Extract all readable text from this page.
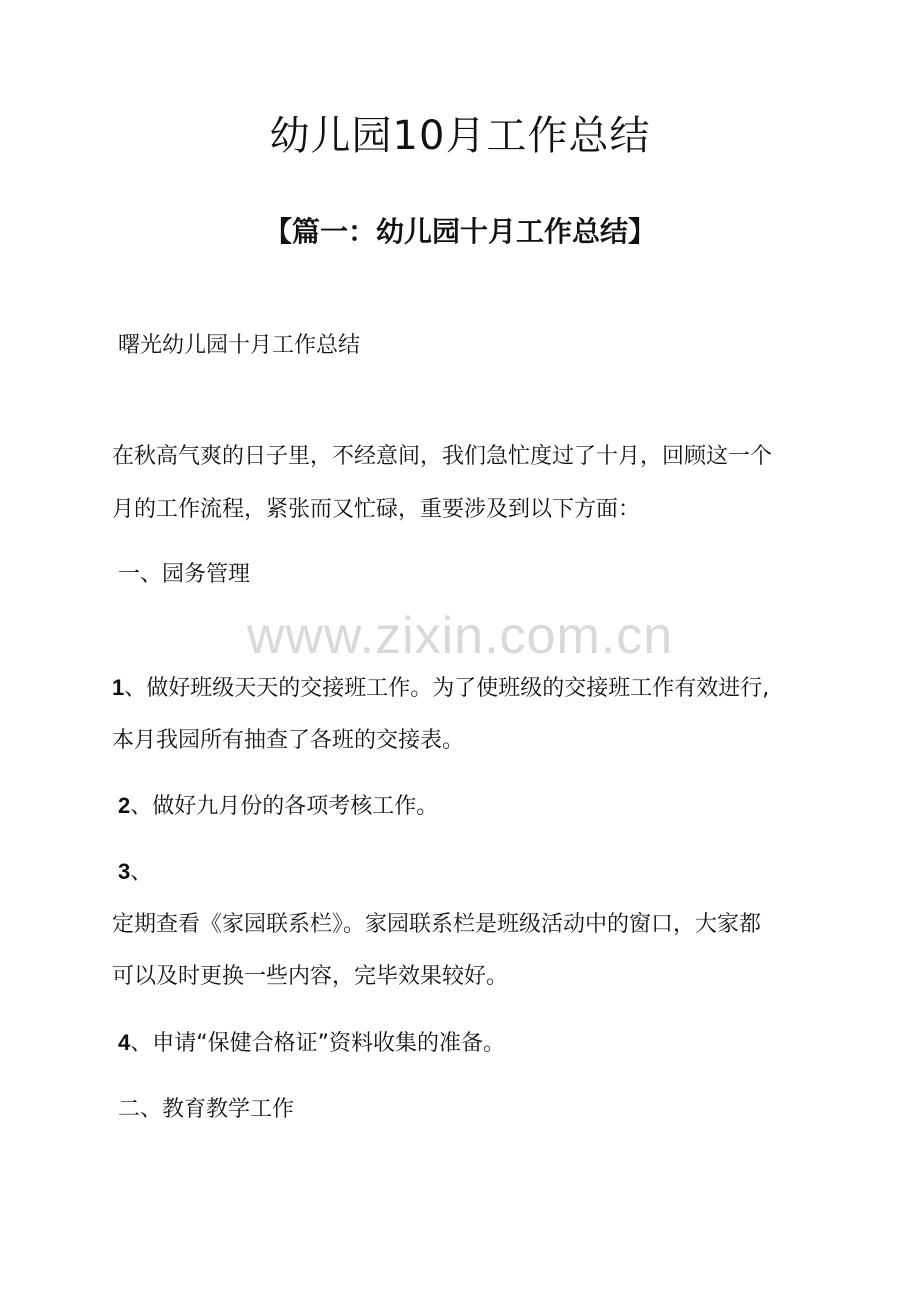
幼儿园10月工作总结
【篇一：幼儿园十月工作总结】
曙光幼儿园十月工作总结
在秋高气爽的日子里，不经意间，我们急忙度过了十月，回顾这一个
月的工作流程，紧张而又忙碌，重要涉及到以下方面：
一、园务管理
www.zixin.com.cn
1、做好班级天天的交接班工作。为了使班级的交接班工作有效进行,
本月我园所有抽查了各班的交接表。
2、做好九月份的各项考核工作。
3、
定期查看《家园联系栏》。家园联系栏是班级活动中的窗口，大家都
可以及时更换一些内容，完毕效果较好。
4、申请“保健合格证”资料收集的准备。
二、教育教学工作
